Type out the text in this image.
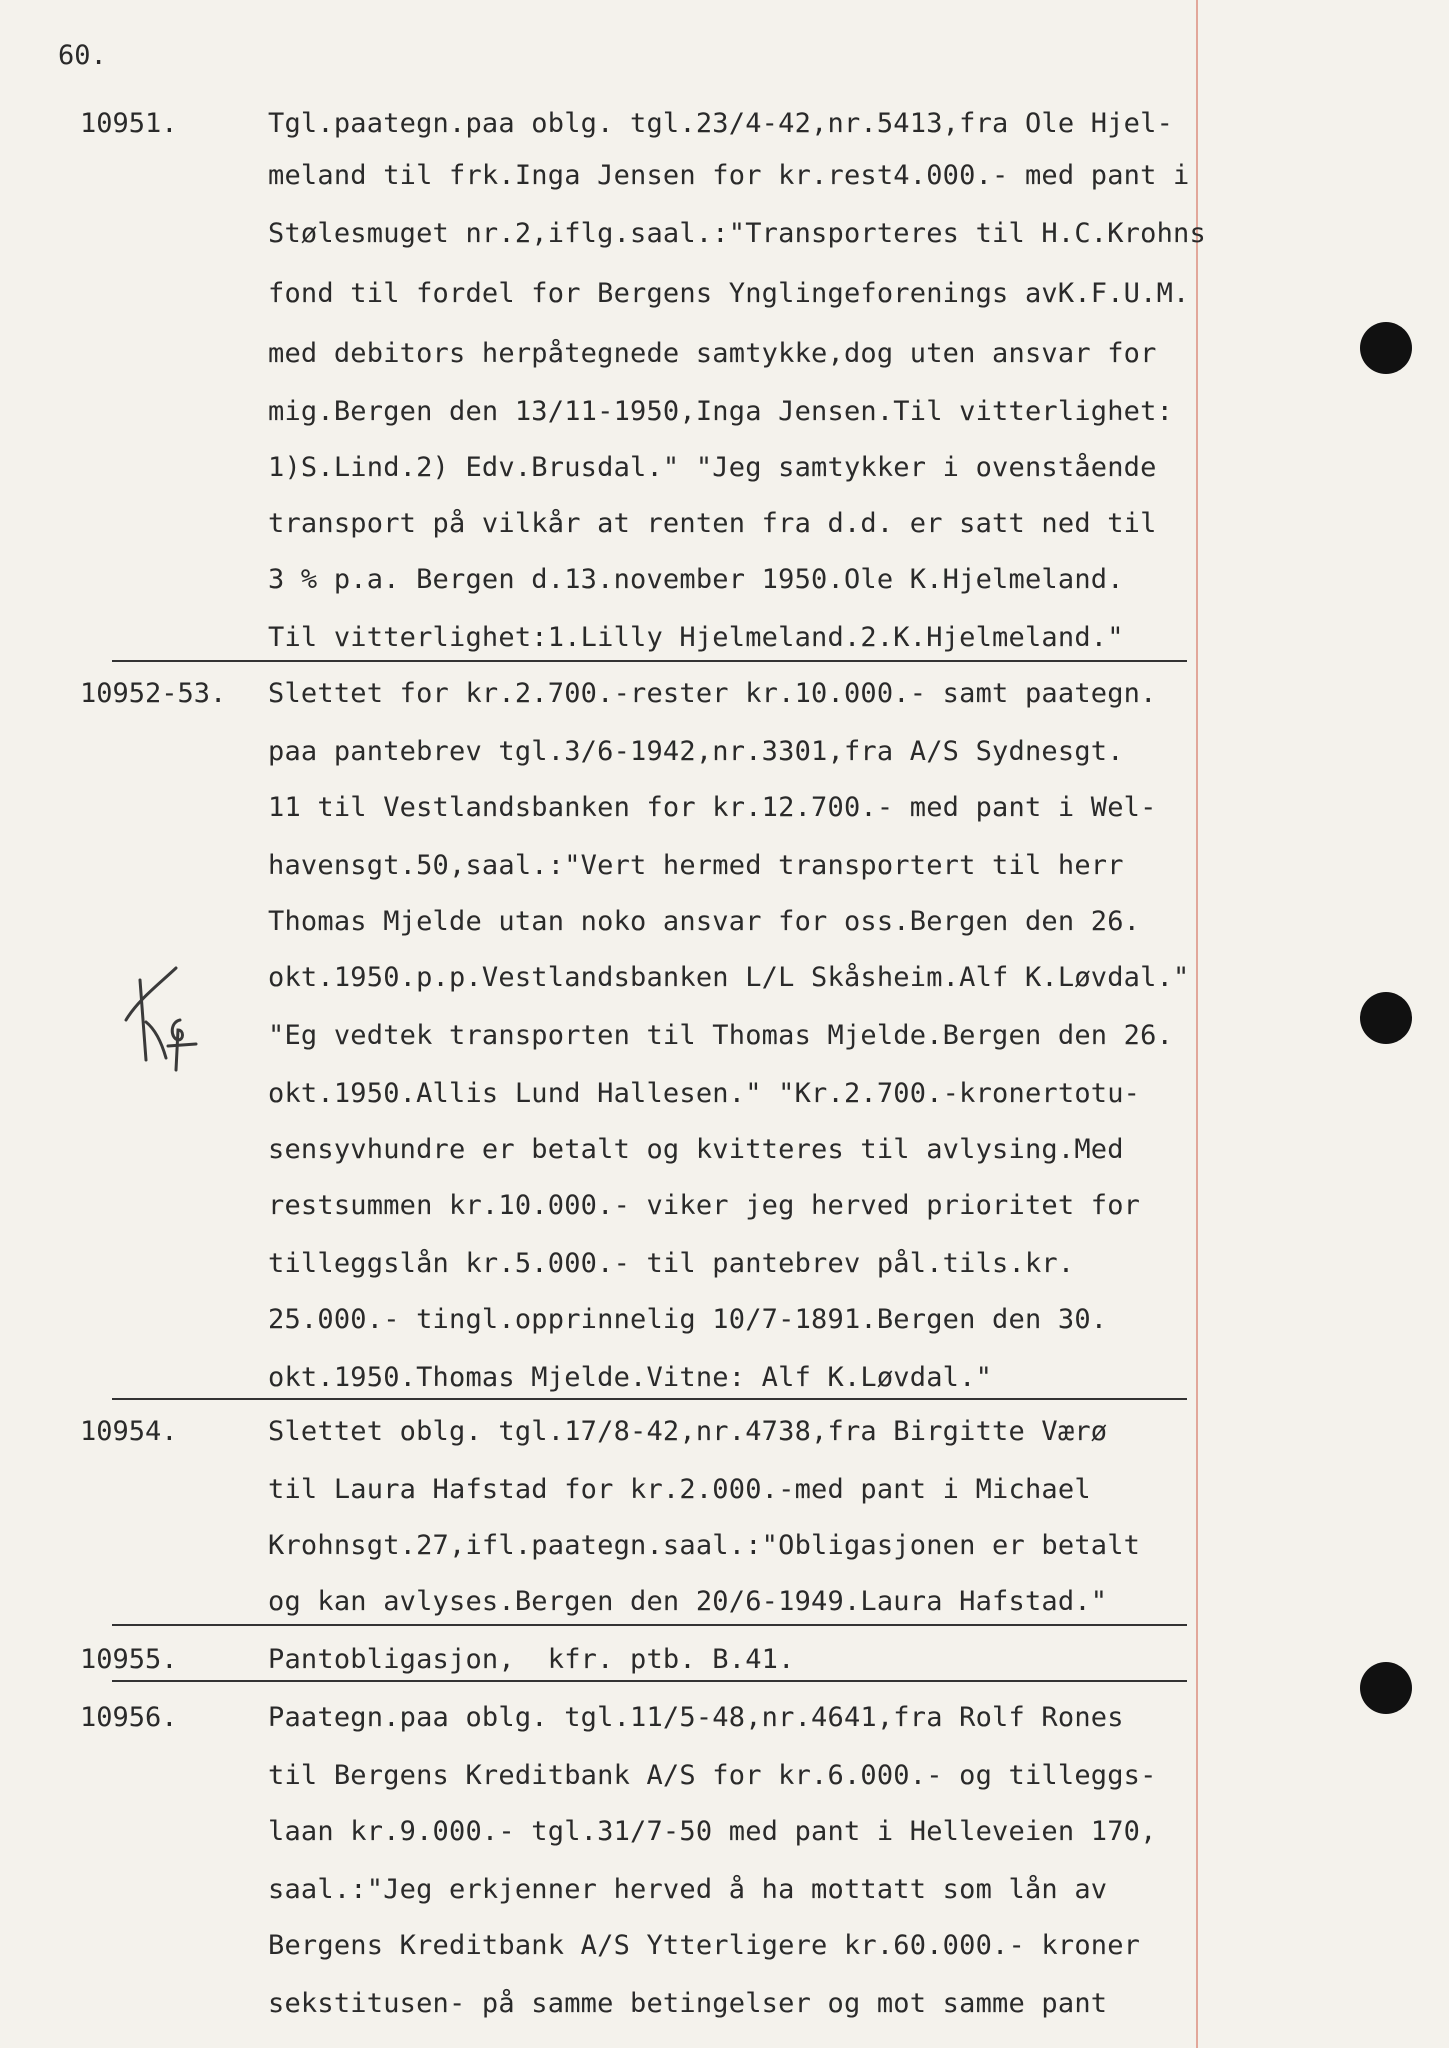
60.
10951.	Tgl.paategn.paa oblg. tgl.23/4-42,nr.5413,fra Ole Hjel-
meland til frk.Inga Jensen for kr.rest4.000.- med pant i
Stølesmuget nr.2,iflg.saal.:"Transporteres til H.C.Krohns
fond til fordel for Bergens Ynglingeforenings avK.F.U.M.
med debitors herpåtegnede samtykke,dog uten ansvar for
mig.Bergen den 13/11-1950,Inga Jensen.Til vitterlighet:
1)S.Lind.2) Edv.Brusdal." "Jeg samtykker i ovenstående
transport på vilkår at renten fra d.d. er satt ned til
3 % p.a. Bergen d.13.november 1950.Ole K.Hjelmeland.
Til vitterlighet:1.Lilly Hjelmeland.2.K.Hjelmeland."
10952-53. Slettet for kr.2.700.-rester kr.10.000.- samt paategn.
paa pantebrev tgl.3/6-1942,nr.3301,fra A/S Sydnesgt.
11 til Vestlandsbanken for kr.12.700.- med pant i Wel-
havensgt.50,saal.:"Vert hermed transportert til herr
Thomas Mjelde utan noko ansvar for oss.Bergen den 26.
okt.1950.p.p.Vestlandsbanken L/L Skåsheim.Alf K.Løvdal."
"Eg vedtek transporten til Thomas Mjelde.Bergen den 26.
okt.1950.Allis Lund Hallesen." "Kr.2.700.-kronertotu-
sensyvhundre er betalt og kvitteres til avlysing.Med
restsummen kr.10.000.- viker jeg herved prioritet for
tilleggslån kr.5.000.- til pantebrev pål.tils.kr.
25.000.- tingl.opprinnelig 10/7-1891.Bergen den 30.
okt.1950.Thomas Mjelde.Vitne: Alf K.Løvdal."
10954.	Slettet oblg. tgl.17/8-42,nr.4738,fra Birgitte Værø
til Laura Hafstad for kr.2.000.-med pant i Michael
Krohnsgt.27,ifl.paategn.saal.:"Obligasjonen er betalt
og kan avlyses.Bergen den 20/6-1949.Laura Hafstad."
10955.	Pantobligasjon,  kfr. ptb. B.41.
10956.	Paategn.paa oblg. tgl.11/5-48,nr.4641,fra Rolf Rones
til Bergens Kreditbank A/S for kr.6.000.- og tilleggs-
laan kr.9.000.- tgl.31/7-50 med pant i Helleveien 170,
saal.:"Jeg erkjenner herved å ha mottatt som lån av
Bergens Kreditbank A/S Ytterligere kr.60.000.- kroner
sekstitusen- på samme betingelser og mot samme pant
